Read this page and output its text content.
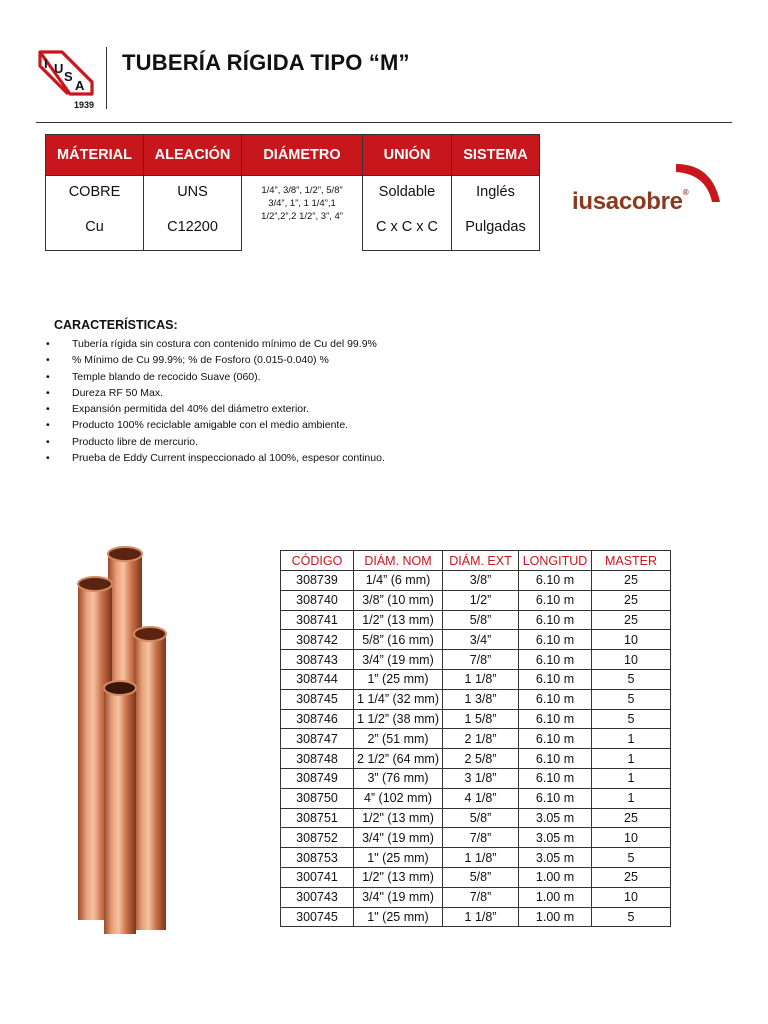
I U
S
A
1939
TUBERÍA RÍGIDA TIPO “M”
MÁTERIAL	ALEACIÓN	DIÁMETRO	UNIÓN	SISTEMA
COBRE	UNS	1/4”, 3/8”, 1/2”, 5/8”
3/4”, 1”, 1 1/4”,1
1/2”,2”,2 1/2”, 3”, 4”	Soldable	Inglés
Cu	C12200		C x C x C	Pulgadas
iusacobre®
CARACTERÍSTICAS:
• Tubería rígida sin costura con contenido mínimo de Cu del 99.9%
• % Mínimo de Cu 99.9%; % de Fosforo (0.015-0.040) %
• Temple blando de recocido Suave (060).
• Dureza RF 50 Max.
• Expansión permitida del 40% del diámetro exterior.
• Producto 100% reciclable amigable con el medio ambiente.
• Producto libre de mercurio.
• Prueba de Eddy Current inspeccionado al 100%, espesor continuo.
CÓDIGO	DIÁM. NOM	DIÁM. EXT	LONGITUD	MASTER
308739	1/4” (6 mm)	3/8”	6.10 m	25
308740	3/8” (10 mm)	1/2”	6.10 m	25
308741	1/2” (13 mm)	5/8”	6.10 m	25
308742	5/8” (16 mm)	3/4”	6.10 m	10
308743	3/4” (19 mm)	7/8”	6.10 m	10
308744	1” (25 mm)	1 1/8”	6.10 m	5
308745	1 1/4” (32 mm)	1 3/8”	6.10 m	5
308746	1 1/2” (38 mm)	1 5/8”	6.10 m	5
308747	2” (51 mm)	2 1/8”	6.10 m	1
308748	2 1/2” (64 mm)	2 5/8”	6.10 m	1
308749	3” (76 mm)	3 1/8”	6.10 m	1
308750	4” (102 mm)	4 1/8”	6.10 m	1
308751	1/2" (13 mm)	5/8”	3.05 m	25
308752	3/4" (19 mm)	7/8”	3.05 m	10
308753	1" (25 mm)	1 1/8”	3.05 m	5
300741	1/2" (13 mm)	5/8”	1.00 m	25
300743	3/4" (19 mm)	7/8”	1.00 m	10
300745	1" (25 mm)	1 1/8”	1.00 m	5
